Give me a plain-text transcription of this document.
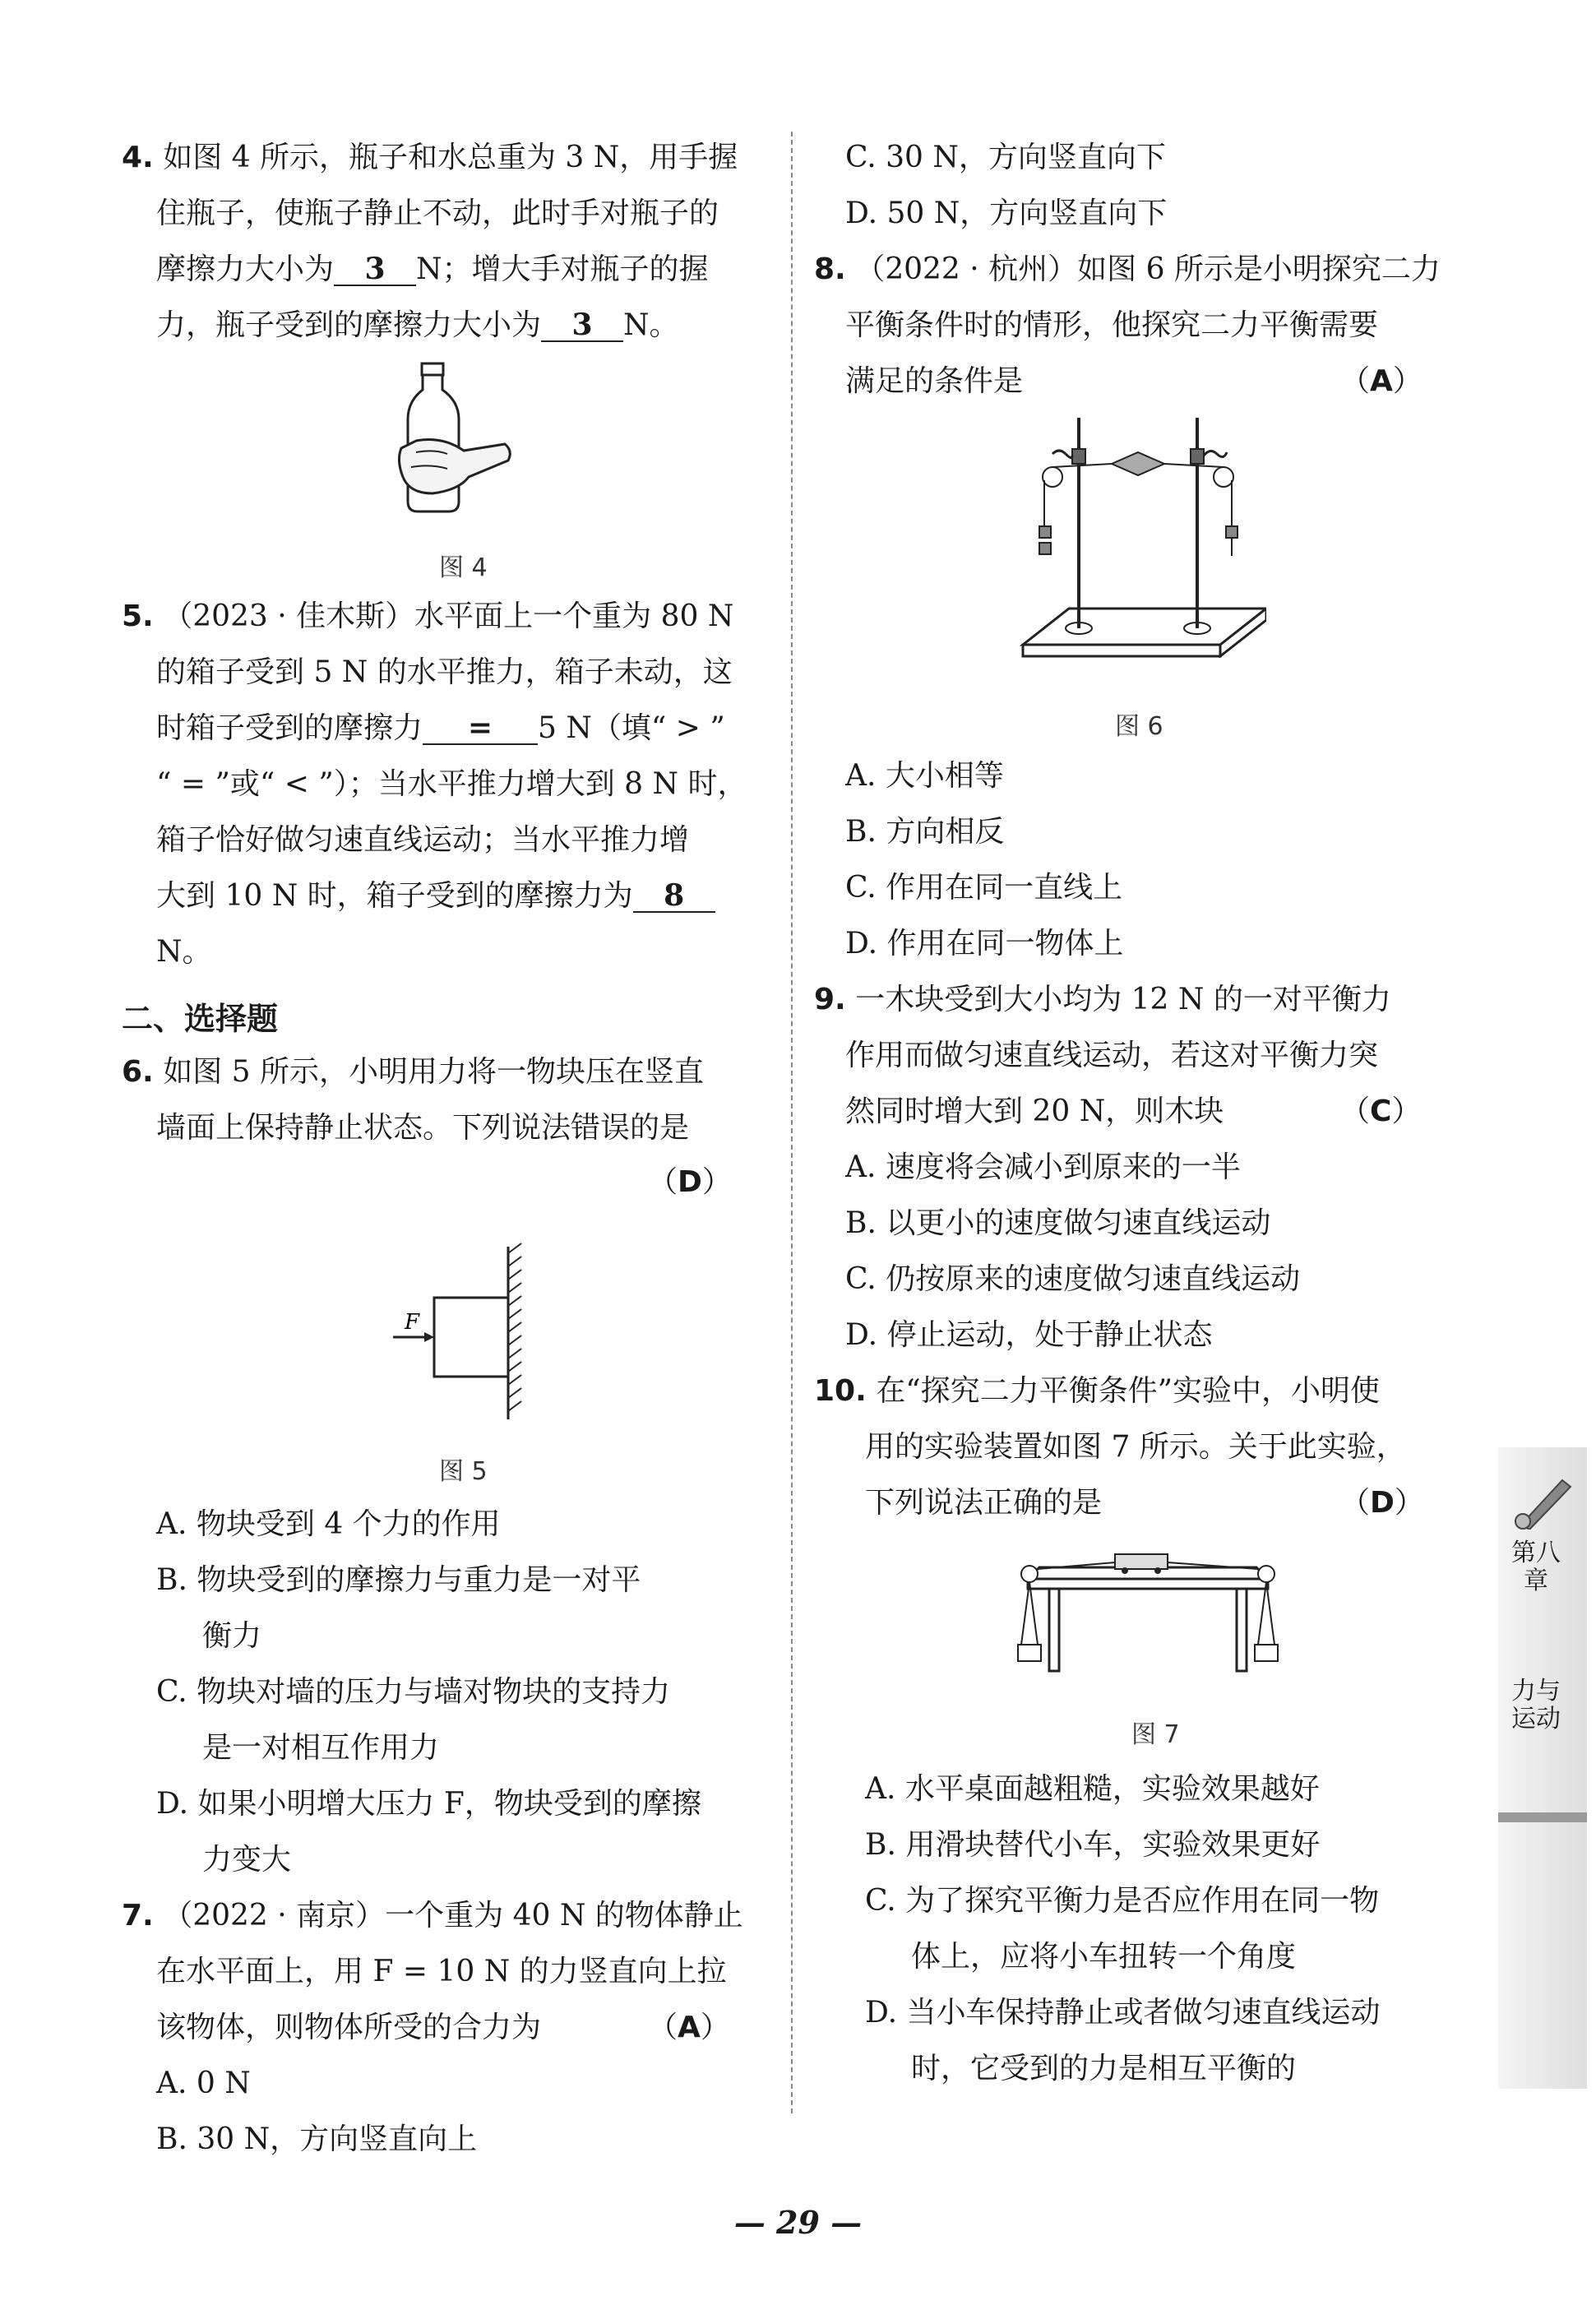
4. 如图 4 所示，瓶子和水总重为 3 N，用手握
住瓶子，使瓶子静止不动，此时手对瓶子的
摩擦力大小为 3 N；增大手对瓶子的握
力，瓶子受到的摩擦力大小为 3 N。
图 4
5. （2023 · 佳木斯）水平面上一个重为 80 N
的箱子受到 5 N 的水平推力，箱子未动，这
时箱子受到的摩擦力 = 5 N（填“ > ”
“ = ”或“ < ”）；当水平推力增大到 8 N 时，
箱子恰好做匀速直线运动；当水平推力增
大到 10 N 时，箱子受到的摩擦力为 8
N。
二、选择题
6. 如图 5 所示，小明用力将一物块压在竖直
墙面上保持静止状态。下列说法错误的是
（D）
F
图 5
A. 物块受到 4 个力的作用
B. 物块受到的摩擦力与重力是一对平
衡力
C. 物块对墙的压力与墙对物块的支持力
是一对相互作用力
D. 如果小明增大压力 F，物块受到的摩擦
力变大
7. （2022 · 南京）一个重为 40 N 的物体静止
在水平面上，用 F = 10 N 的力竖直向上拉
该物体，则物体所受的合力为	（A）
A. 0 N
B. 30 N，方向竖直向上
C. 30 N，方向竖直向下
D. 50 N，方向竖直向下
8. （2022 · 杭州）如图 6 所示是小明探究二力
平衡条件时的情形，他探究二力平衡需要
满足的条件是	（A）
图 6
A. 大小相等
B. 方向相反
C. 作用在同一直线上
D. 作用在同一物体上
9. 一木块受到大小均为 12 N 的一对平衡力
作用而做匀速直线运动，若这对平衡力突
然同时增大到 20 N，则木块	（C）
A. 速度将会减小到原来的一半
B. 以更小的速度做匀速直线运动
C. 仍按原来的速度做匀速直线运动
D. 停止运动，处于静止状态
10. 在“探究二力平衡条件”实验中，小明使
用的实验装置如图 7 所示。关于此实验，
下列说法正确的是	（D）
图 7
A. 水平桌面越粗糙，实验效果越好
B. 用滑块替代小车，实验效果更好
C. 为了探究平衡力是否应作用在同一物
体上，应将小车扭转一个角度
D. 当小车保持静止或者做匀速直线运动
时，它受到的力是相互平衡的
第八章
力与运动
— 29 —
